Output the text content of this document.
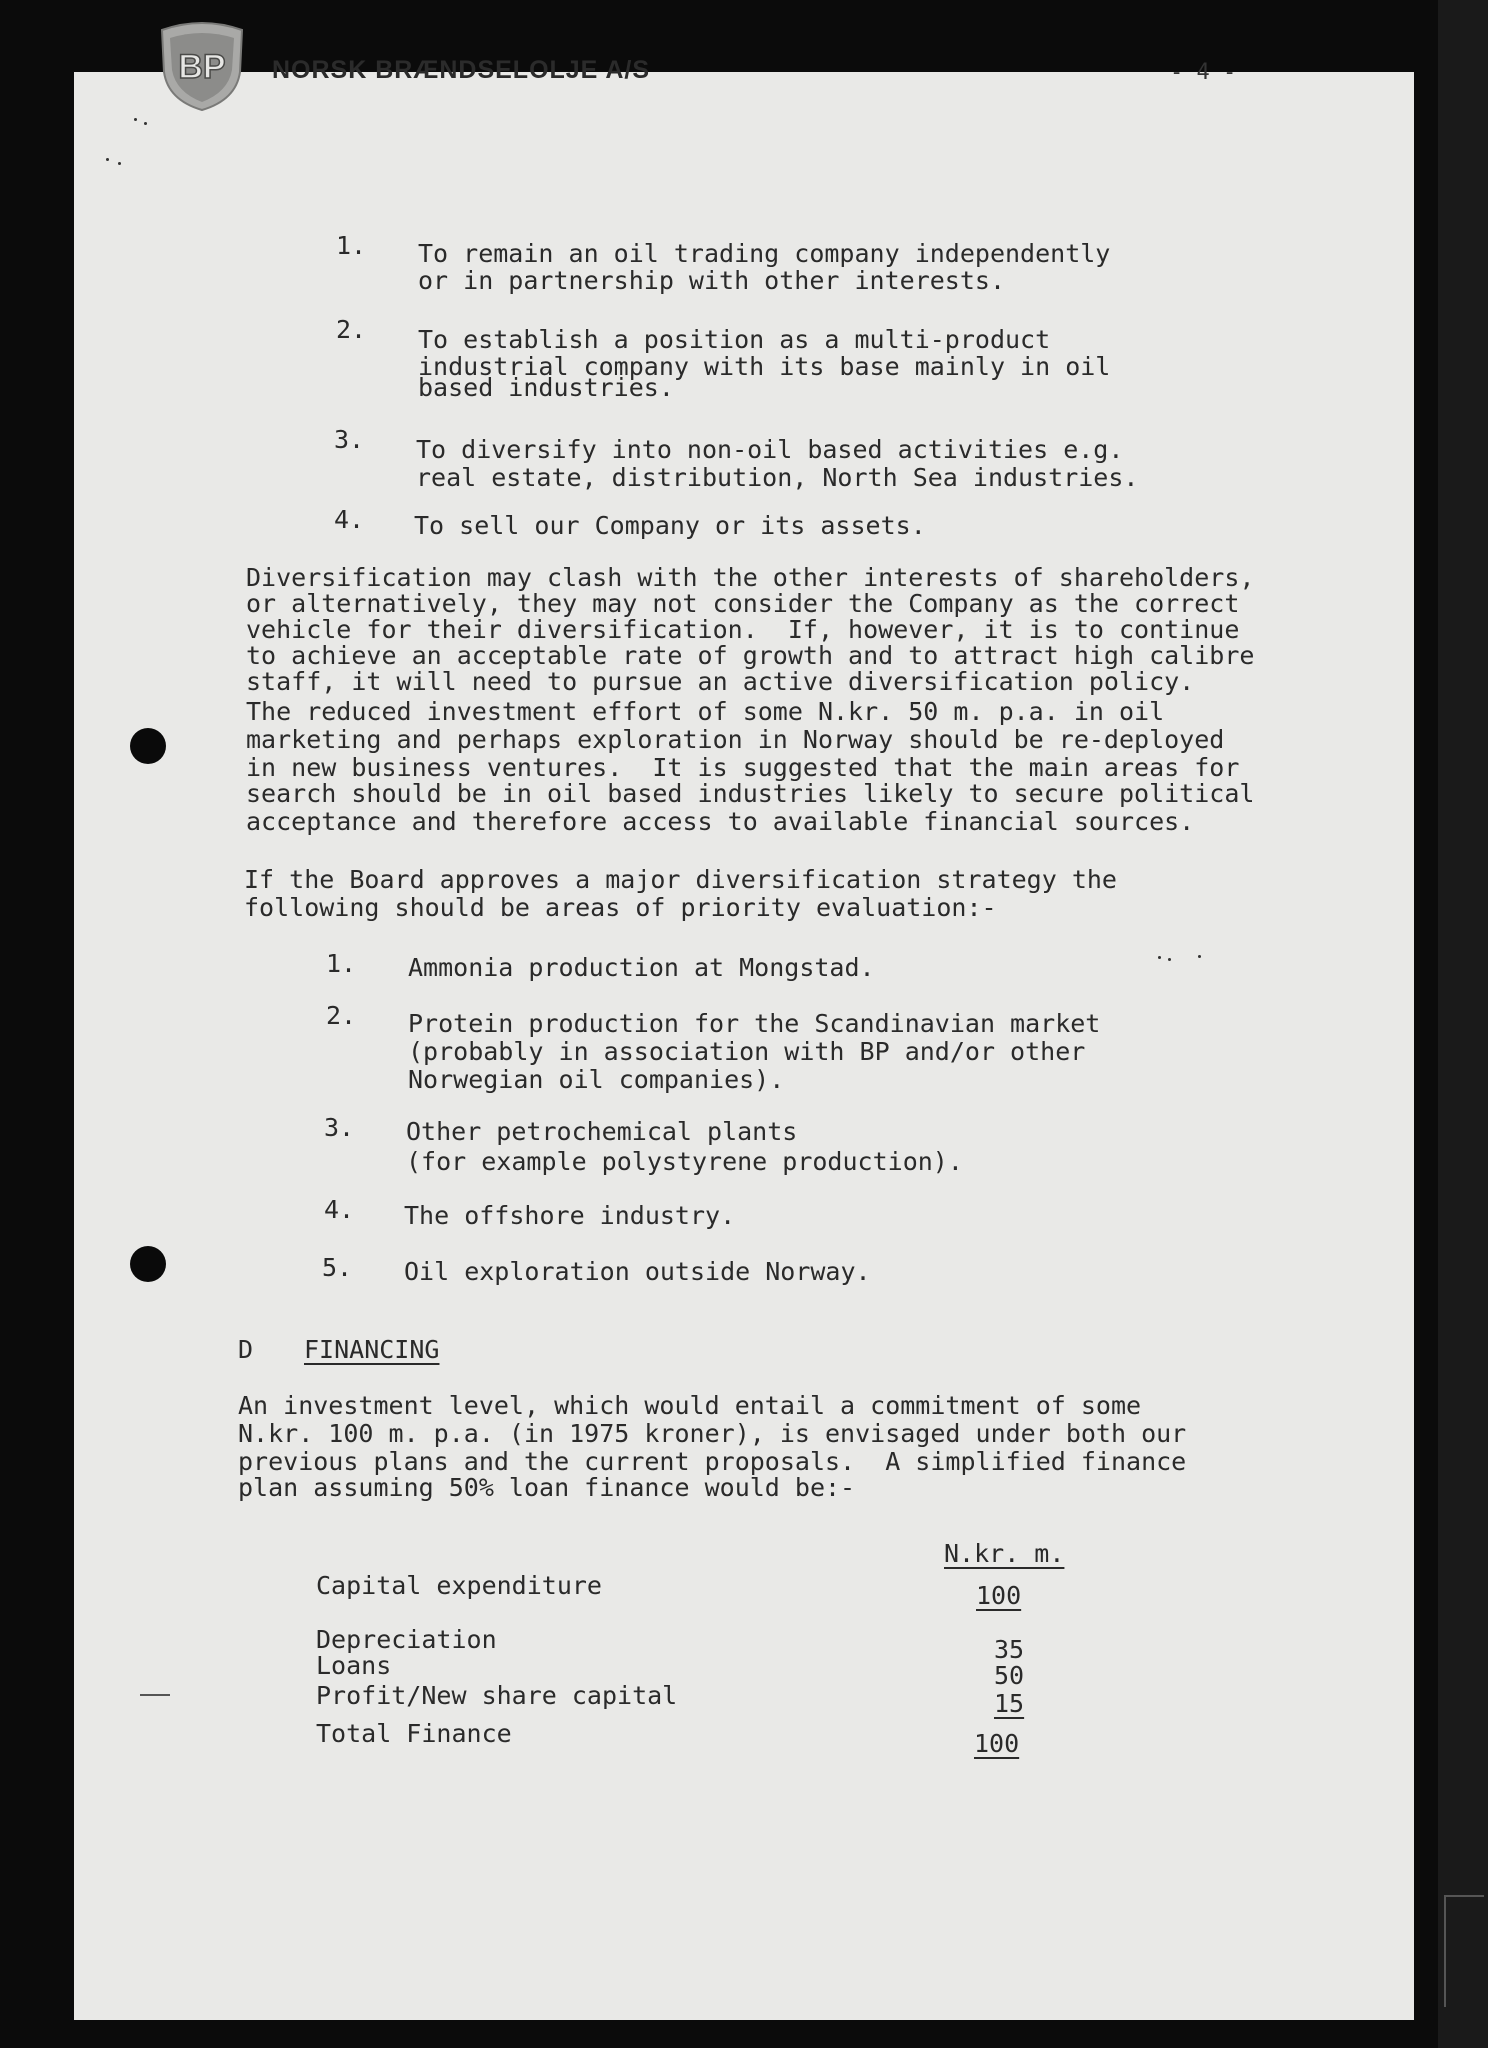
BP NORSK BRÆNDSELOLJE A/S	- 4 -
1. To remain an oil trading company independently
or in partnership with other interests.
2. To establish a position as a multi-product
industrial company with its base mainly in oil
based industries.
3. To diversify into non-oil based activities e.g.
real estate, distribution, North Sea industries.
4. To sell our Company or its assets.
Diversification may clash with the other interests of shareholders,
or alternatively, they may not consider the Company as the correct
vehicle for their diversification.  If, however, it is to continue
to achieve an acceptable rate of growth and to attract high calibre
staff, it will need to pursue an active diversification policy.
The reduced investment effort of some N.kr. 50 m. p.a. in oil
marketing and perhaps exploration in Norway should be re-deployed
in new business ventures.  It is suggested that the main areas for
search should be in oil based industries likely to secure political
acceptance and therefore access to available financial sources.
If the Board approves a major diversification strategy the
following should be areas of priority evaluation:-
1. Ammonia production at Mongstad.
2. Protein production for the Scandinavian market
(probably in association with BP and/or other
Norwegian oil companies).
3. Other petrochemical plants
(for example polystyrene production).
4. The offshore industry.
5. Oil exploration outside Norway.
D FINANCING
An investment level, which would entail a commitment of some
N.kr. 100 m. p.a. (in 1975 kroner), is envisaged under both our
previous plans and the current proposals.  A simplified finance
plan assuming 50% loan finance would be:-
N.kr. m.
Capital expenditure	100
Depreciation	35
Loans	50
Profit/New share capital	15
Total Finance	100
